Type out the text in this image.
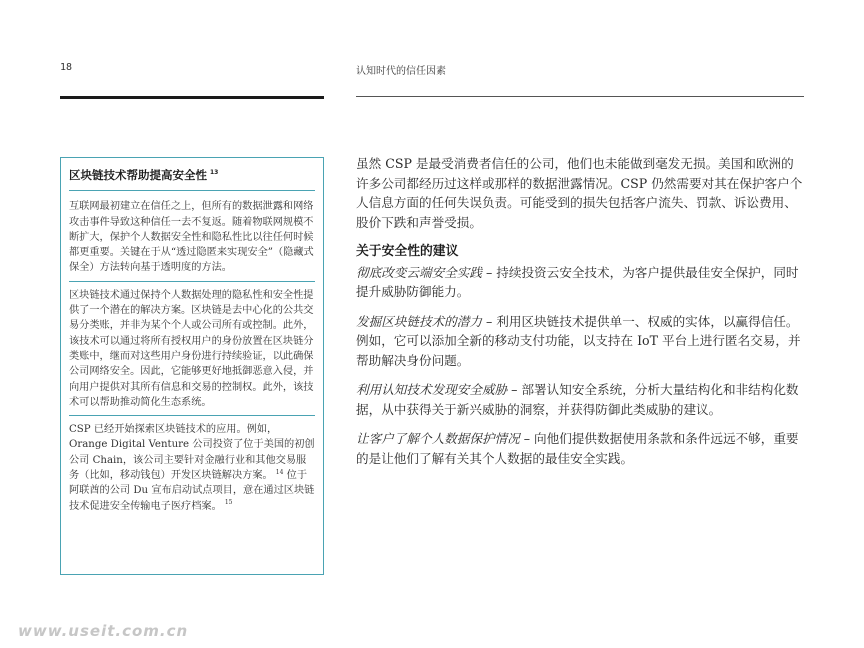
18	认知时代的信任因素
区块链技术帮助提高安全性 $^{13}$

互联网最初建立在信任之上，但所有的数据泄露和网络攻击事件导致这种信任一去不复返。随着物联网规模不断扩大，保护个人数据安全性和隐私性比以往任何时候都更重要。关键在于从“透过隐匿来实现安全”（隐藏式保全）方法转向基于透明度的方法。

区块链技术通过保持个人数据处理的隐私性和安全性提供了一个潜在的解决方案。区块链是去中心化的公共交易分类账，并非为某个个人或公司所有或控制。此外，该技术可以通过将所有授权用户的身份放置在区块链分类账中，继而对这些用户身份进行持续验证，以此确保公司网络安全。因此，它能够更好地抵御恶意入侵，并向用户提供对其所有信息和交易的控制权。此外，该技术可以帮助推动简化生态系统。

CSP 已经开始探索区块链技术的应用。例如，Orange Digital Venture 公司投资了位于美国的初创公司 Chain，该公司主要针对金融行业和其他交易服务（比如，移动钱包）开发区块链解决方案。 $^{14}$ 位于阿联酋的公司 Du 宣布启动试点项目，意在通过区块链技术促进安全传输电子医疗档案。 $^{15}$

虽然 CSP 是最受消费者信任的公司，他们也未能做到毫发无损。美国和欧洲的许多公司都经历过这样或那样的数据泄露情况。CSP 仍然需要对其在保护客户个人信息方面的任何失误负责。可能受到的损失包括客户流失、罚款、诉讼费用、股价下跌和声誉受损。

关于安全性的建议

彻底改变云端安全实践 – 持续投资云安全技术，为客户提供最佳安全保护，同时提升威胁防御能力。

发掘区块链技术的潜力 – 利用区块链技术提供单一、权威的实体，以赢得信任。例如，它可以添加全新的移动支付功能，以支持在 IoT 平台上进行匿名交易，并帮助解决身份问题。

利用认知技术发现安全威胁 – 部署认知安全系统，分析大量结构化和非结构化数据，从中获得关于新兴威胁的洞察，并获得防御此类威胁的建议。

让客户了解个人数据保护情况 – 向他们提供数据使用条款和条件远远不够，重要的是让他们了解有关其个人数据的最佳安全实践。

www.useit.com.cn
